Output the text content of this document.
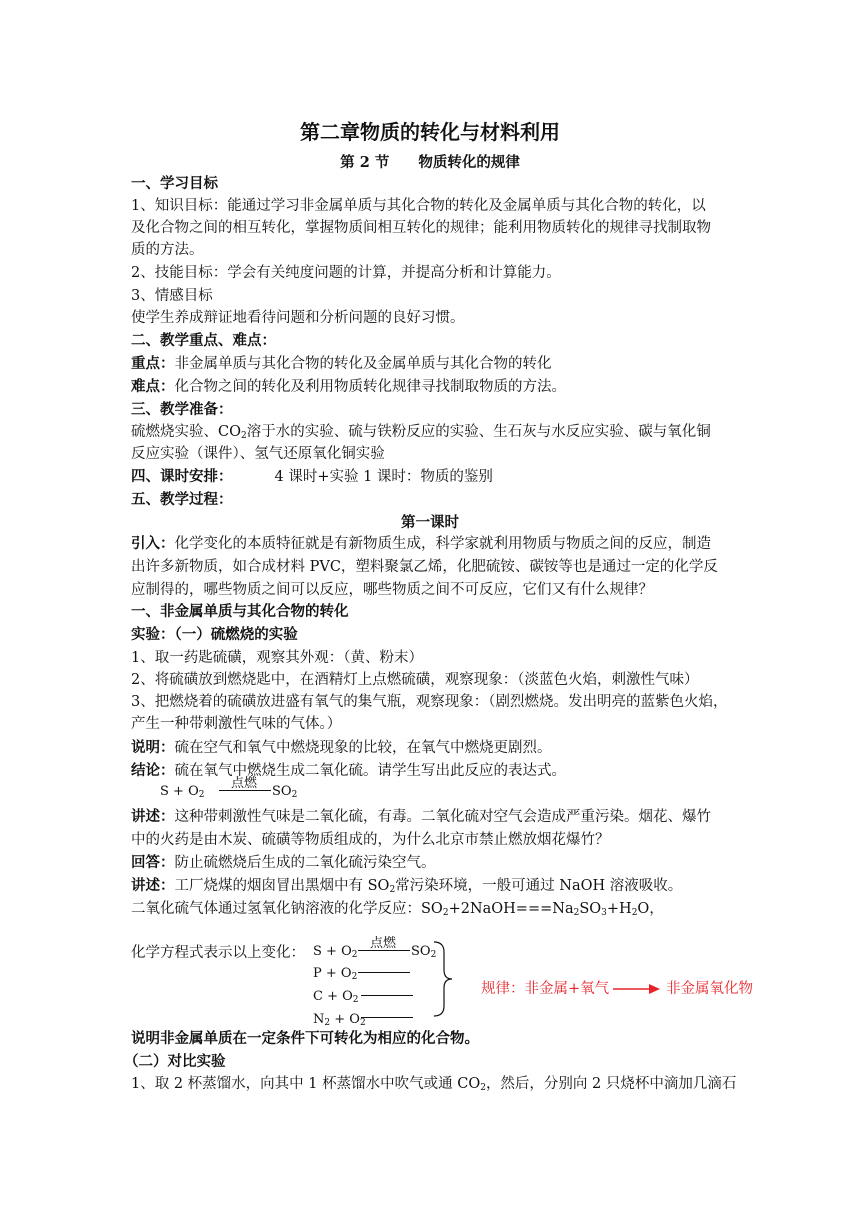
第二章物质的转化与材料利用
第 2 节　　物质转化的规律
一、学习目标
1、知识目标：能通过学习非金属单质与其化合物的转化及金属单质与其化合物的转化，以
及化合物之间的相互转化，掌握物质间相互转化的规律；能利用物质转化的规律寻找制取物
质的方法。
2、技能目标：学会有关纯度问题的计算，并提高分析和计算能力。
3、情感目标
使学生养成辩证地看待问题和分析问题的良好习惯。
二、教学重点、难点：
重点：非金属单质与其化合物的转化及金属单质与其化合物的转化
难点：化合物之间的转化及利用物质转化规律寻找制取物质的方法。
三、教学准备：
硫燃烧实验、$CO_2$溶于水的实验、硫与铁粉反应的实验、生石灰与水反应实验、碳与氧化铜
反应实验（课件）、氢气还原氧化铜实验
四、课时安排：	4 课时+实验 1 课时：物质的鉴别
五、教学过程：
第一课时
引入：化学变化的本质特征就是有新物质生成，科学家就利用物质与物质之间的反应，制造
出许多新物质，如合成材料 PVC，塑料聚氯乙烯，化肥硫铵、碳铵等也是通过一定的化学反
应制得的，哪些物质之间可以反应，哪些物质之间不可反应，它们又有什么规律？
一、非金属单质与其化合物的转化
实验：（一）硫燃烧的实验
1、取一药匙硫磺，观察其外观：（黄、粉末）
2、将硫磺放到燃烧匙中，在酒精灯上点燃硫磺，观察现象：（淡蓝色火焰，刺激性气味）
3、把燃烧着的硫磺放进盛有氧气的集气瓶，观察现象：（剧烈燃烧。发出明亮的蓝紫色火焰，
产生一种带刺激性气味的气体。）
说明：硫在空气和氧气中燃烧现象的比较，在氧气中燃烧更剧烈。
结论：硫在氧气中燃烧生成二氧化硫。请学生写出此反应的表达式。
$S + O_2$
点燃
$SO_2$
讲述：这种带刺激性气味是二氧化硫，有毒。二氧化硫对空气会造成严重污染。烟花、爆竹
中的火药是由木炭、硫磺等物质组成的，为什么北京市禁止燃放烟花爆竹？
回答：防止硫燃烧后生成的二氧化硫污染空气。
讲述：工厂烧煤的烟囱冒出黑烟中有 $SO_2$常污染环境，一般可通过 NaOH 溶液吸收。
二氧化硫气体通过氢氧化钠溶液的化学反应：$SO_2+2NaOH===Na_2SO_3+H_2O$，
化学方程式表示以上变化： $S + O_2$
点燃
$SO_2$
$P + O_2$
$C + O_2$
$N_2 + O_2$
规律：非金属+氧气	非金属氧化物
说明非金属单质在一定条件下可转化为相应的化合物。
（二）对比实验
1、取 2 杯蒸馏水，向其中 1 杯蒸馏水中吹气或通 $CO_2$，然后，分别向 2 只烧杯中滴加几滴石
